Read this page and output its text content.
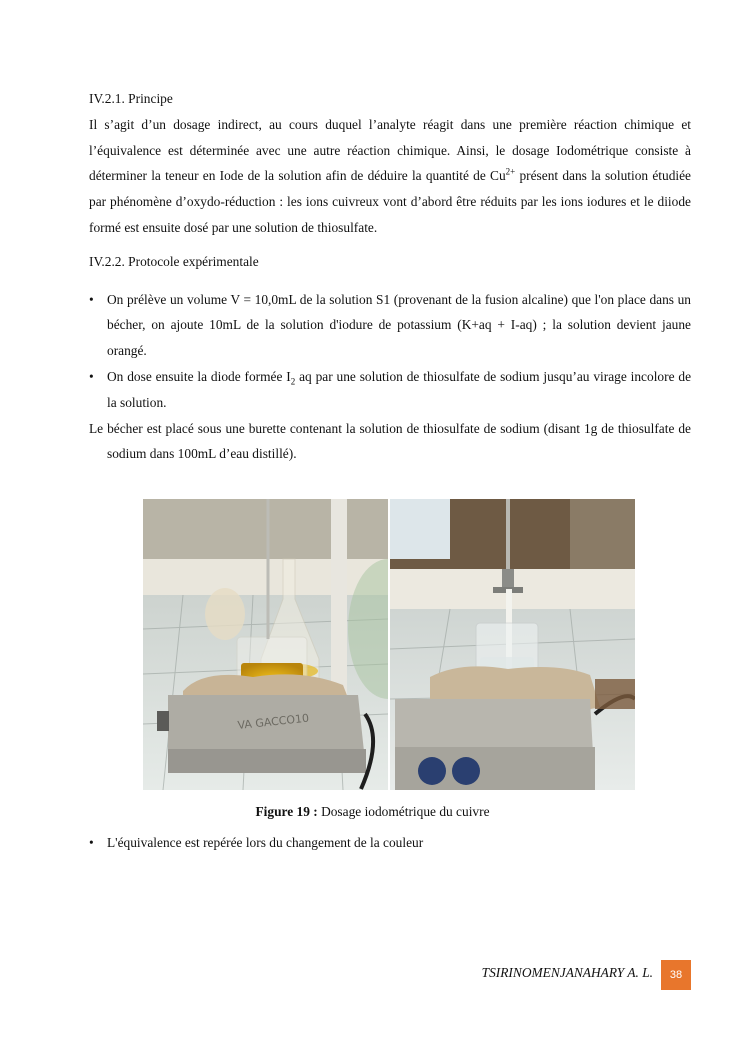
IV.2.1. Principe

Il s’agit d’un dosage indirect, au cours duquel l’analyte réagit dans une première réaction chimique et l’équivalence est déterminée avec une autre réaction chimique. Ainsi, le dosage Iodométrique consiste à déterminer la teneur en Iode de la solution afin de déduire la quantité de $Cu^{2+}$ présent dans la solution étudiée par phénomène d’oxydo-réduction : les ions cuivreux vont d’abord être réduits par les ions iodures et le diiode formé est ensuite dosé par une solution de thiosulfate.

IV.2.2. Protocole expérimentale

• On prélève un volume V = 10,0mL de la solution S1 (provenant de la fusion alcaline) que l'on place dans un bécher, on ajoute 10mL de la solution d'iodure de potassium (K+aq + I-aq) ; la solution devient jaune orangé.
• On dose ensuite la diode formée $I_2$ aq par une solution de thiosulfate de sodium jusqu’au virage incolore de la solution.

Le bécher est placé sous une burette contenant la solution de thiosulfate de sodium (disant 1g de thiosulfate de sodium dans 100mL d’eau distillé).

VA GACCO10
Figure 19 : Dosage iodométrique du cuivre
• L'équivalence est repérée lors du changement de la couleur
TSIRINOMENJANAHARY A. L.	38
